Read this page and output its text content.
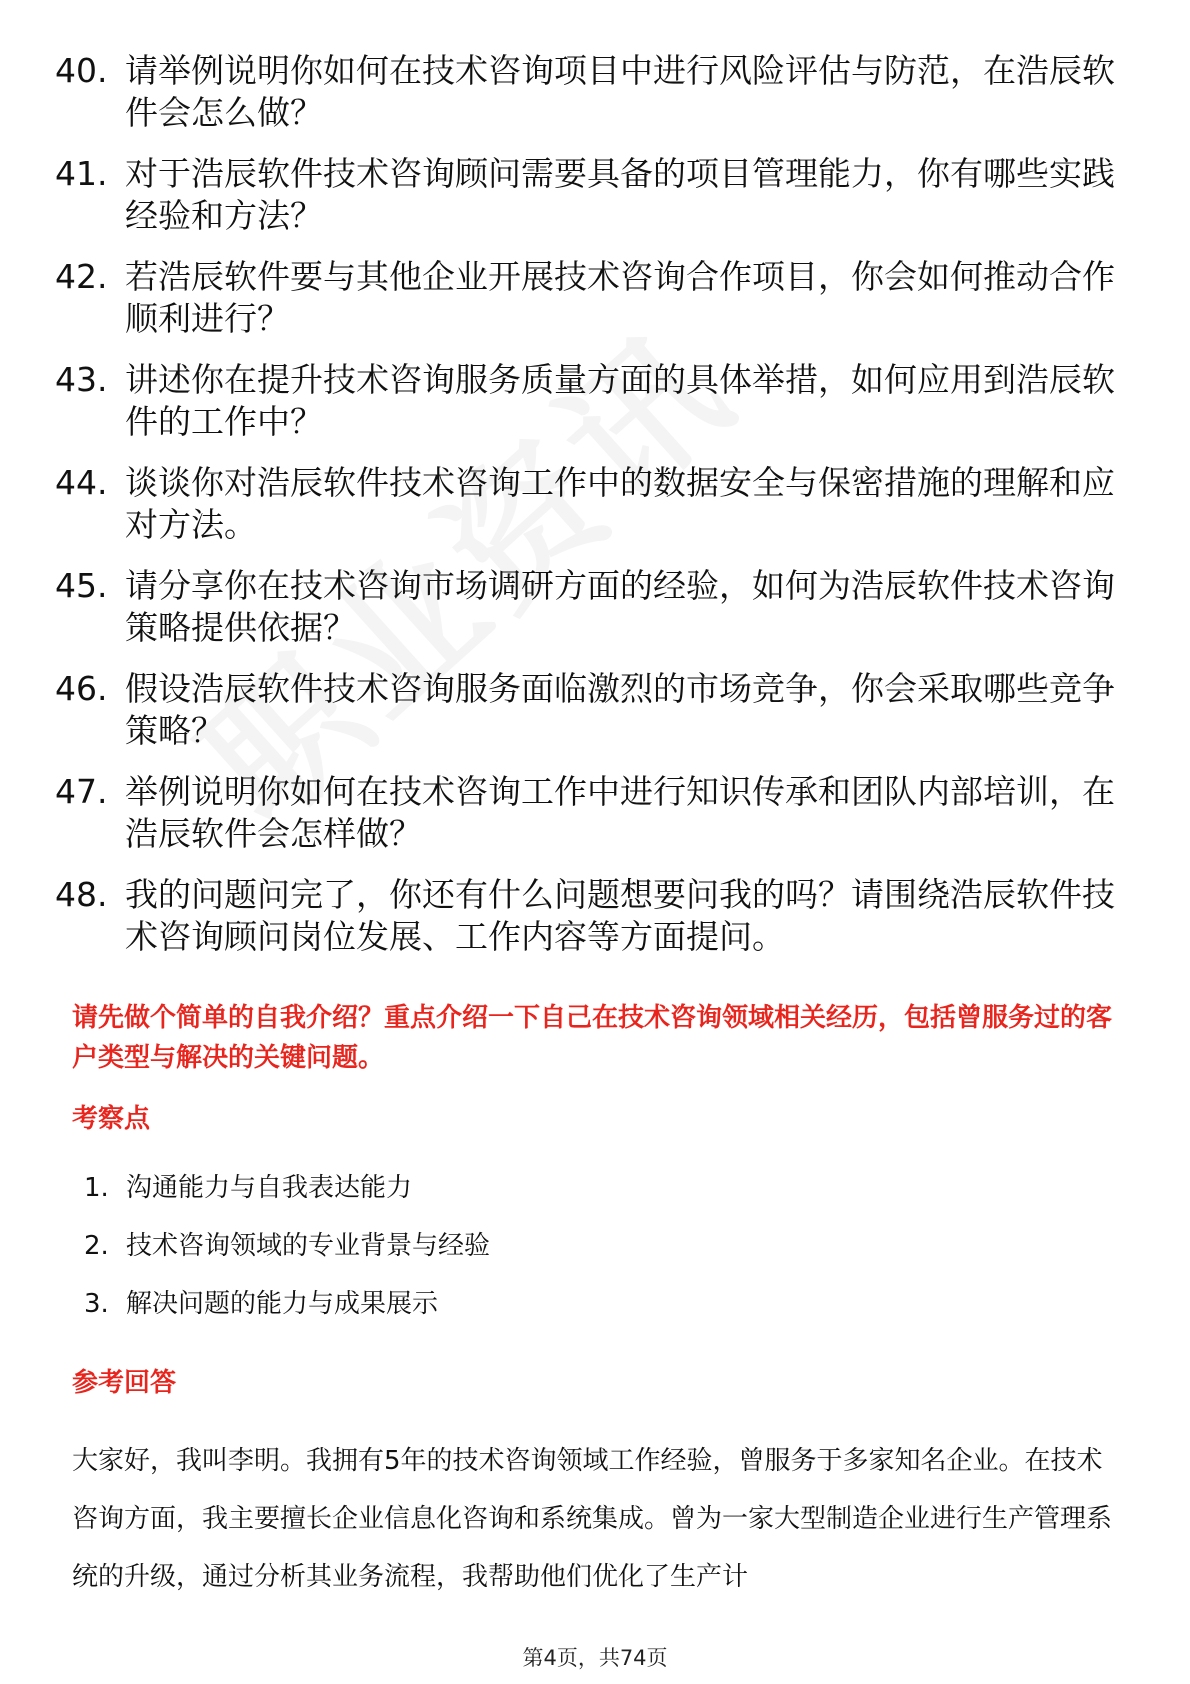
40. 请举例说明你如何在技术咨询项目中进行风险评估与防范，在浩辰软件会怎么做？
41. 对于浩辰软件技术咨询顾问需要具备的项目管理能力，你有哪些实践经验和方法？
42. 若浩辰软件要与其他企业开展技术咨询合作项目，你会如何推动合作顺利进行？
43. 讲述你在提升技术咨询服务质量方面的具体举措，如何应用到浩辰软件的工作中？
44. 谈谈你对浩辰软件技术咨询工作中的数据安全与保密措施的理解和应对方法。
45. 请分享你在技术咨询市场调研方面的经验，如何为浩辰软件技术咨询策略提供依据？
46. 假设浩辰软件技术咨询服务面临激烈的市场竞争，你会采取哪些竞争策略？
47. 举例说明你如何在技术咨询工作中进行知识传承和团队内部培训，在浩辰软件会怎样做？
48. 我的问题问完了，你还有什么问题想要问我的吗？请围绕浩辰软件技术咨询顾问岗位发展、工作内容等方面提问。
请先做个简单的自我介绍？重点介绍一下自己在技术咨询领域相关经历，包括曾服务过的客户类型与解决的关键问题。
考察点
1. 沟通能力与自我表达能力
2. 技术咨询领域的专业背景与经验
3. 解决问题的能力与成果展示
参考回答
大家好，我叫李明。我拥有5年的技术咨询领域工作经验，曾服务于多家知名企业。在技术咨询方面，我主要擅长企业信息化咨询和系统集成。曾为一家大型制造企业进行生产管理系统的升级，通过分析其业务流程，我帮助他们优化了生产计
第4页，共74页
